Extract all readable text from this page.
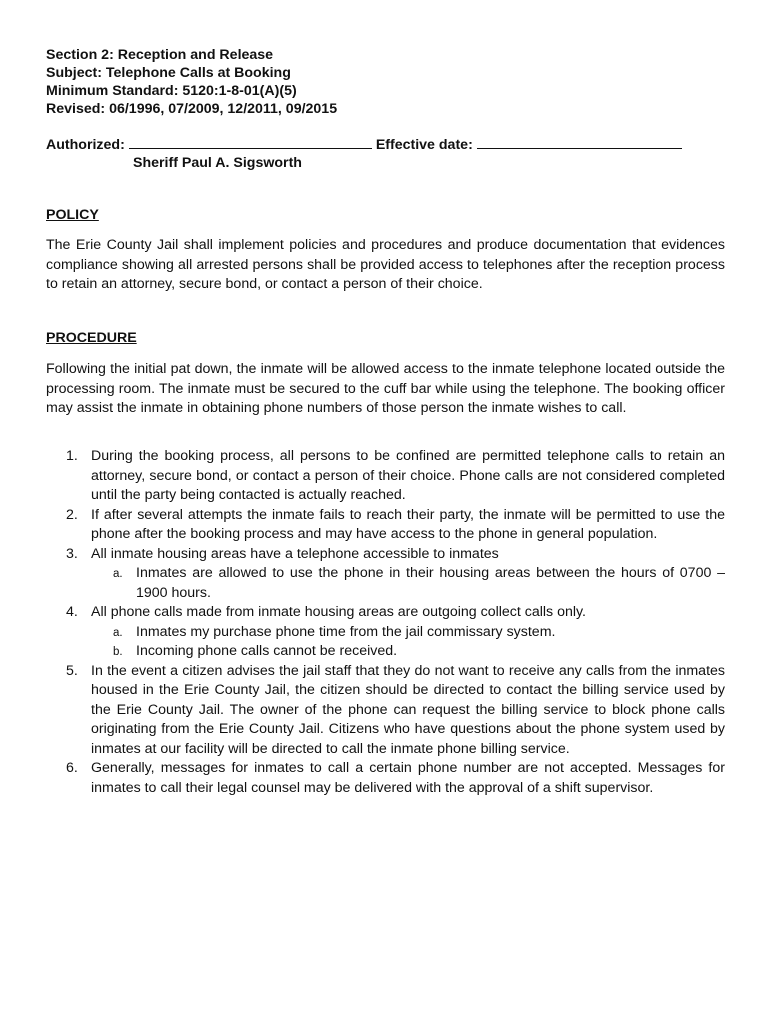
Section 2: Reception and Release
Subject: Telephone Calls at Booking
Minimum Standard: 5120:1-8-01(A)(5)
Revised: 06/1996, 07/2009, 12/2011, 09/2015
Authorized:	Effective date:
Sheriff Paul A. Sigsworth
POLICY
The Erie County Jail shall implement policies and procedures and produce documentation that evidences compliance showing all arrested persons shall be provided access to telephones after the reception process to retain an attorney, secure bond, or contact a person of their choice.
PROCEDURE
Following the initial pat down, the inmate will be allowed access to the inmate telephone located outside the processing room. The inmate must be secured to the cuff bar while using the telephone. The booking officer may assist the inmate in obtaining phone numbers of those person the inmate wishes to call.
1. During the booking process, all persons to be confined are permitted telephone calls to retain an attorney, secure bond, or contact a person of their choice. Phone calls are not considered completed until the party being contacted is actually reached.
2. If after several attempts the inmate fails to reach their party, the inmate will be permitted to use the phone after the booking process and may have access to the phone in general population.
3. All inmate housing areas have a telephone accessible to inmates
a. Inmates are allowed to use the phone in their housing areas between the hours of 0700 – 1900 hours.
4. All phone calls made from inmate housing areas are outgoing collect calls only.
a. Inmates my purchase phone time from the jail commissary system.
b. Incoming phone calls cannot be received.
5. In the event a citizen advises the jail staff that they do not want to receive any calls from the inmates housed in the Erie County Jail, the citizen should be directed to contact the billing service used by the Erie County Jail. The owner of the phone can request the billing service to block phone calls originating from the Erie County Jail. Citizens who have questions about the phone system used by inmates at our facility will be directed to call the inmate phone billing service.
6. Generally, messages for inmates to call a certain phone number are not accepted. Messages for inmates to call their legal counsel may be delivered with the approval of a shift supervisor.
